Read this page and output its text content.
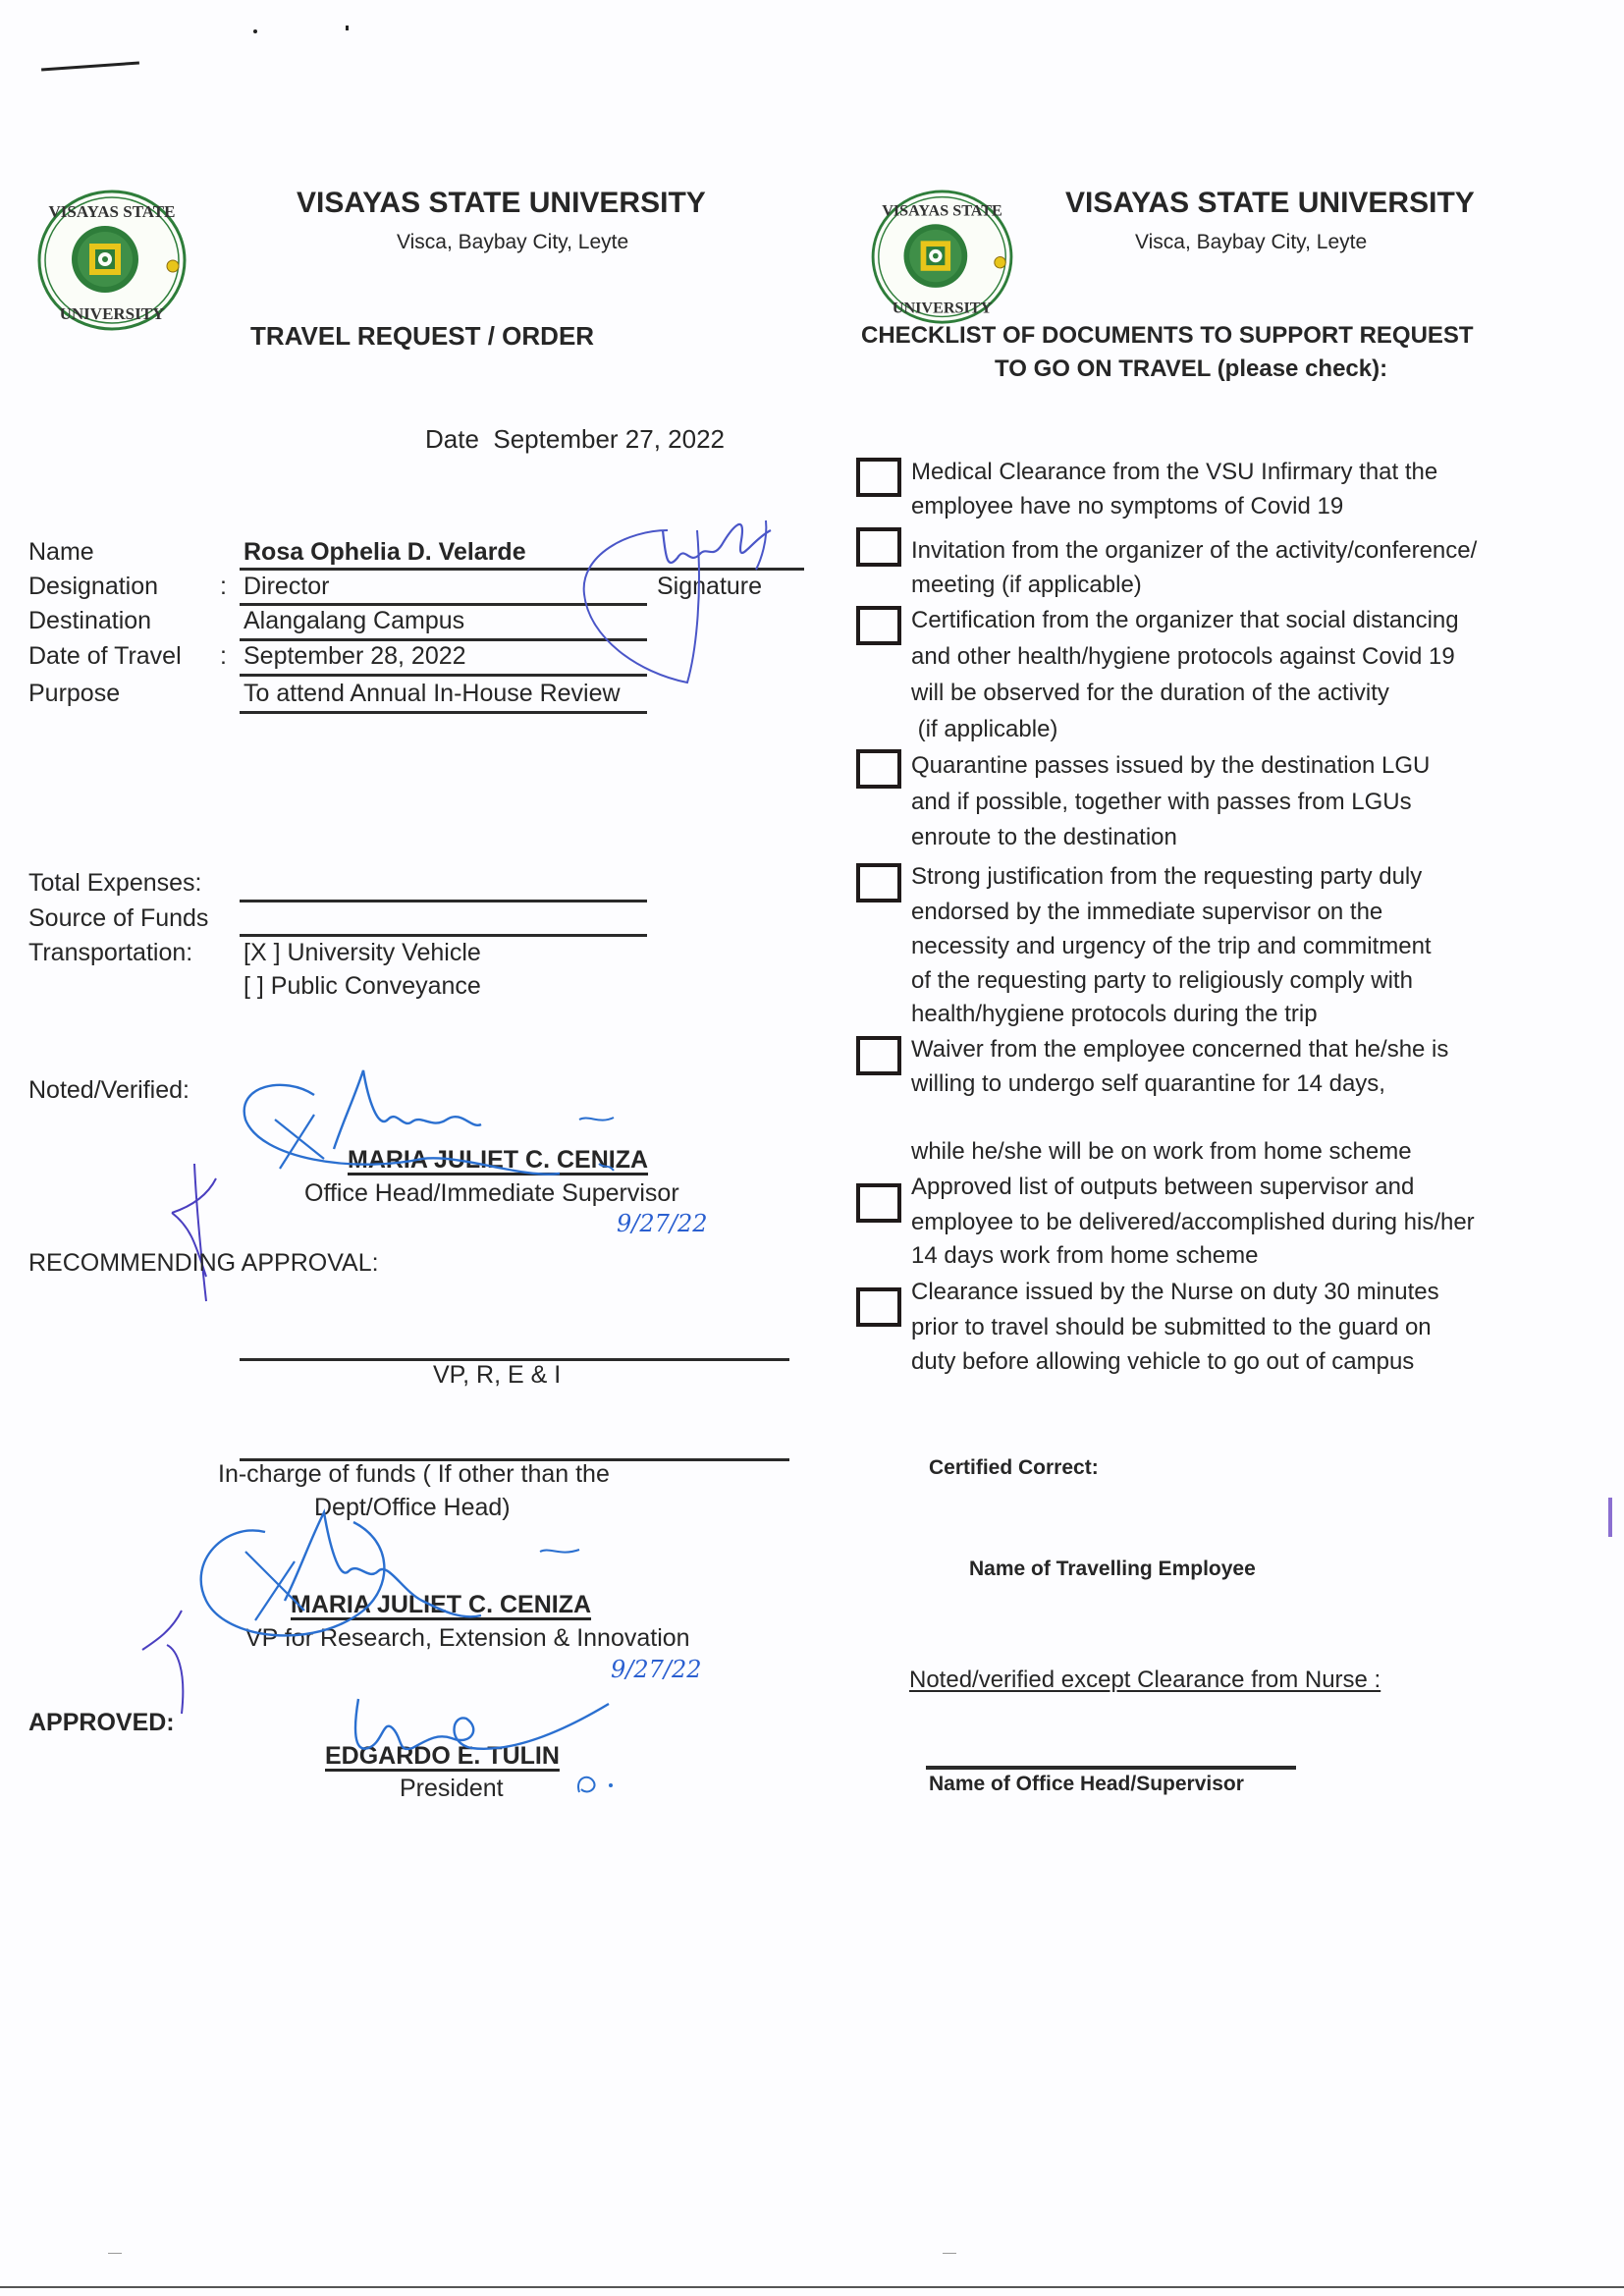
VISAYAS STATE
UNIVERSITY
VISAYAS STATE UNIVERSITY
Visca, Baybay City, Leyte
TRAVEL REQUEST / ORDER
Date September 27, 2022
Name	Rosa Ophelia D. Velarde
Designation	: Director	Signature
Destination	Alangalang Campus
Date of Travel : September 28, 2022
Purpose	To attend Annual In-House Review
Total Expenses:
Source of Funds
Transportation: [X ] University Vehicle
[ ] Public Conveyance
Noted/Verified:
MARIA JULIET C. CENIZA
Office Head/Immediate Supervisor
9/27/22
RECOMMENDING APPROVAL:
VP, R, E & I
In-charge of funds ( If other than the
Dept/Office Head)
MARIA JULIET C. CENIZA
VP for Research, Extension & Innovation
9/27/22
APPROVED:
EDGARDO E. TULIN
President
VISAYAS STATE
UNIVERSITY
VISAYAS STATE UNIVERSITY
Visca, Baybay City, Leyte
CHECKLIST OF DOCUMENTS TO SUPPORT REQUEST
TO GO ON TRAVEL (please check):
Medical Clearance from the VSU Infirmary that the
employee have no symptoms of Covid 19
Invitation from the organizer of the activity/conference/
meeting (if applicable)
Certification from the organizer that social distancing
and other health/hygiene protocols against Covid 19
will be observed for the duration of the activity
(if applicable)
Quarantine passes issued by the destination LGU
and if possible, together with passes from LGUs
enroute to the destination
Strong justification from the requesting party duly
endorsed by the immediate supervisor on the
necessity and urgency of the trip and commitment
of the requesting party to religiously comply with
health/hygiene protocols during the trip
Waiver from the employee concerned that he/she is
willing to undergo self quarantine for 14 days,
while he/she will be on work from home scheme
Approved list of outputs between supervisor and
employee to be delivered/accomplished during his/her
14 days work from home scheme
Clearance issued by the Nurse on duty 30 minutes
prior to travel should be submitted to the guard on
duty before allowing vehicle to go out of campus
Certified Correct:
Name of Travelling Employee
Noted/verified except Clearance from Nurse :
Name of Office Head/Supervisor
